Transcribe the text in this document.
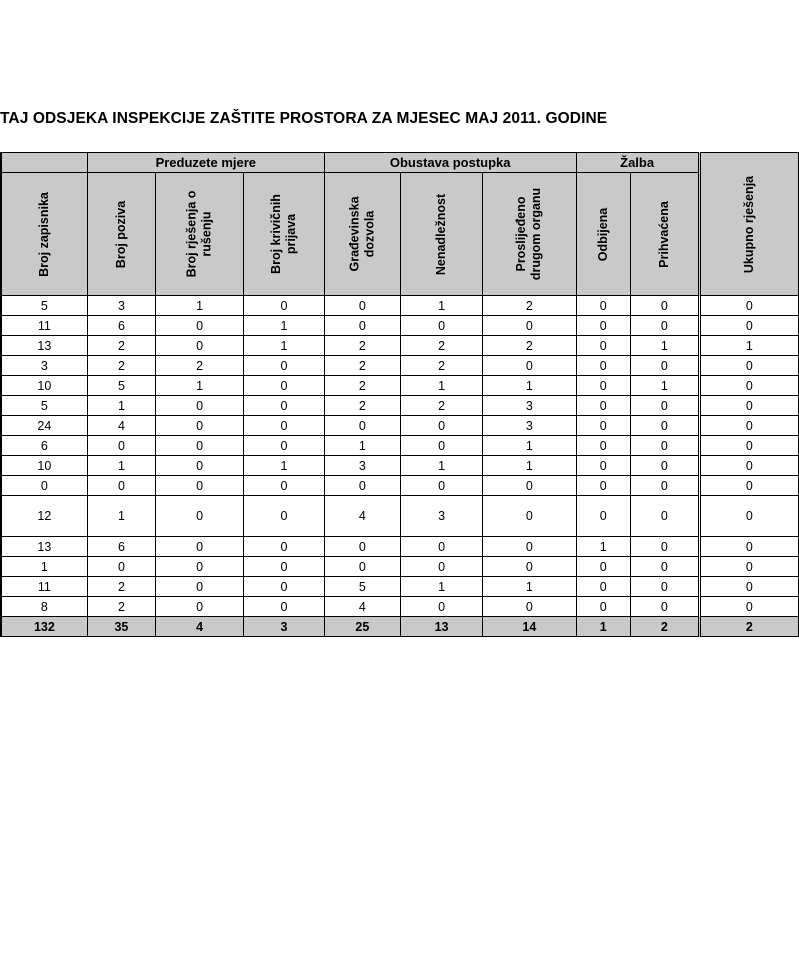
TAJ ODSJEKA INSPEKCIJE ZAŠTITE PROSTORA ZA MJESEC MAJ 2011. GODINE
		Preduzete mjere			Obustava postupka			Žalba		Ukupno rješenja

Broj zapisnika	Broj poziva	Broj rješenja o rušenju	Broj krivičnih prijava	Građevinska dozvola	Nenadležnost	Proslijeđeno drugom organu	Odbijena	Prihvaćena	

	5	3	1	0	0	1	2	0	0	0
	11	6	0	1	0	0	0	0	0	0
	13	2	0	1	2	2	2	0	1	1
	3	2	2	0	2	2	0	0	0	0
	10	5	1	0	2	1	1	0	1	0
	5	1	0	0	2	2	3	0	0	0
	24	4	0	0	0	0	3	0	0	0
	6	0	0	0	1	0	1	0	0	0
	10	1	0	1	3	1	1	0	0	0
	0	0	0	0	0	0	0	0	0	0
	12	1	0	0	4	3	0	0	0	0
	13	6	0	0	0	0	0	1	0	0
	1	0	0	0	0	0	0	0	0	0
	11	2	0	0	5	1	1	0	0	0
	8	2	0	0	4	0	0	0	0	0
	132	35	4	3	25	13	14	1	2	2
